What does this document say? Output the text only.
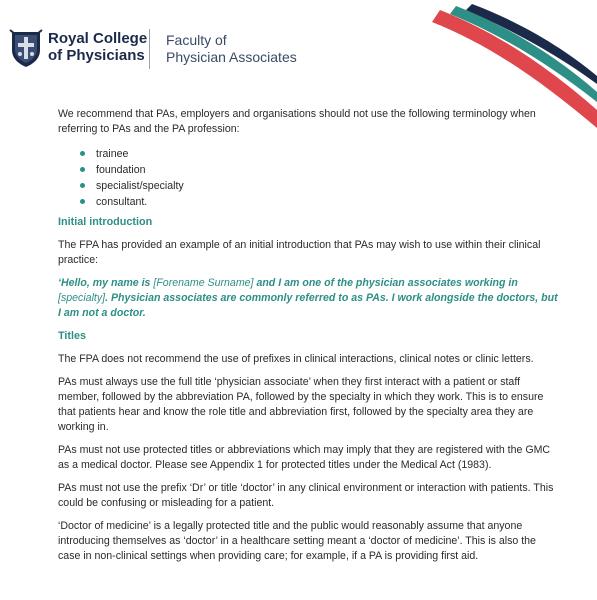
Royal College
of Physicians
Faculty of
Physician Associates

We recommend that PAs, employers and organisations should not use the following terminology when referring to PAs and the PA profession:

trainee
foundation
specialist/specialty
consultant.
Initial introduction

The FPA has provided an example of an initial introduction that PAs may wish to use within their clinical practice:

‘Hello, my name is [Forename Surname] and I am one of the physician associates working in [specialty]. Physician associates are commonly referred to as PAs. I work alongside the doctors, but I am not a doctor.

Titles

The FPA does not recommend the use of prefixes in clinical interactions, clinical notes or clinic letters.

PAs must always use the full title ‘physician associate’ when they first interact with a patient or staff member, followed by the abbreviation PA, followed by the specialty in which they work. This is to ensure that patients hear and know the role title and abbreviation first, followed by the specialty area they are working in.

PAs must not use protected titles or abbreviations which may imply that they are registered with the GMC as a medical doctor. Please see Appendix 1 for protected titles under the Medical Act (1983).

PAs must not use the prefix ‘Dr’ or title ‘doctor’ in any clinical environment or interaction with patients. This could be confusing or misleading for a patient.

‘Doctor of medicine’ is a legally protected title and the public would reasonably assume that anyone introducing themselves as ‘doctor’ in a healthcare setting meant a ‘doctor of medicine’. This is also the case in non-clinical settings when providing care; for example, if a PA is providing first aid.
